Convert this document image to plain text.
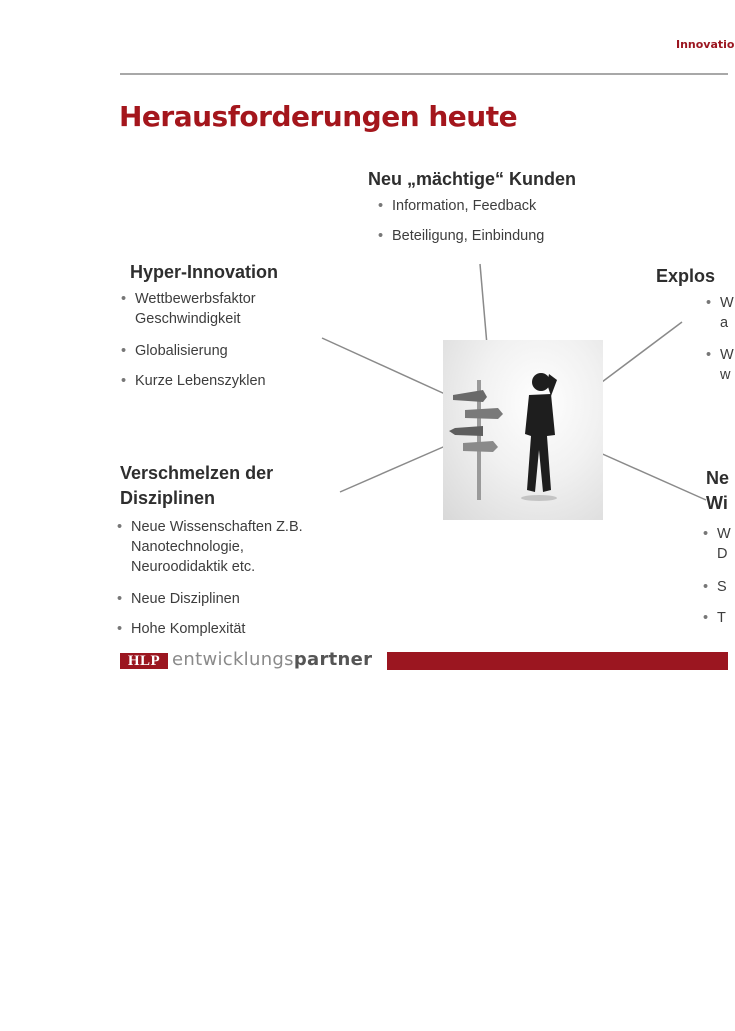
Innovatio
Herausforderungen heute
Neu „mächtige“ Kunden
• Information, Feedback
• Beteiligung, Einbindung
Hyper-Innovation
• Wettbewerbsfaktor
Geschwindigkeit
• Globalisierung
• Kurze Lebenszyklen
Explos
• W
a
• W
w
Verschmelzen der
Disziplinen
• Neue Wissenschaften Z.B.
Nanotechnologie,
Neuroodidaktik etc.
• Neue Disziplinen
• Hohe Komplexität
Ne
Wi
• W
D
• S
• T
HLP entwicklungspartner
